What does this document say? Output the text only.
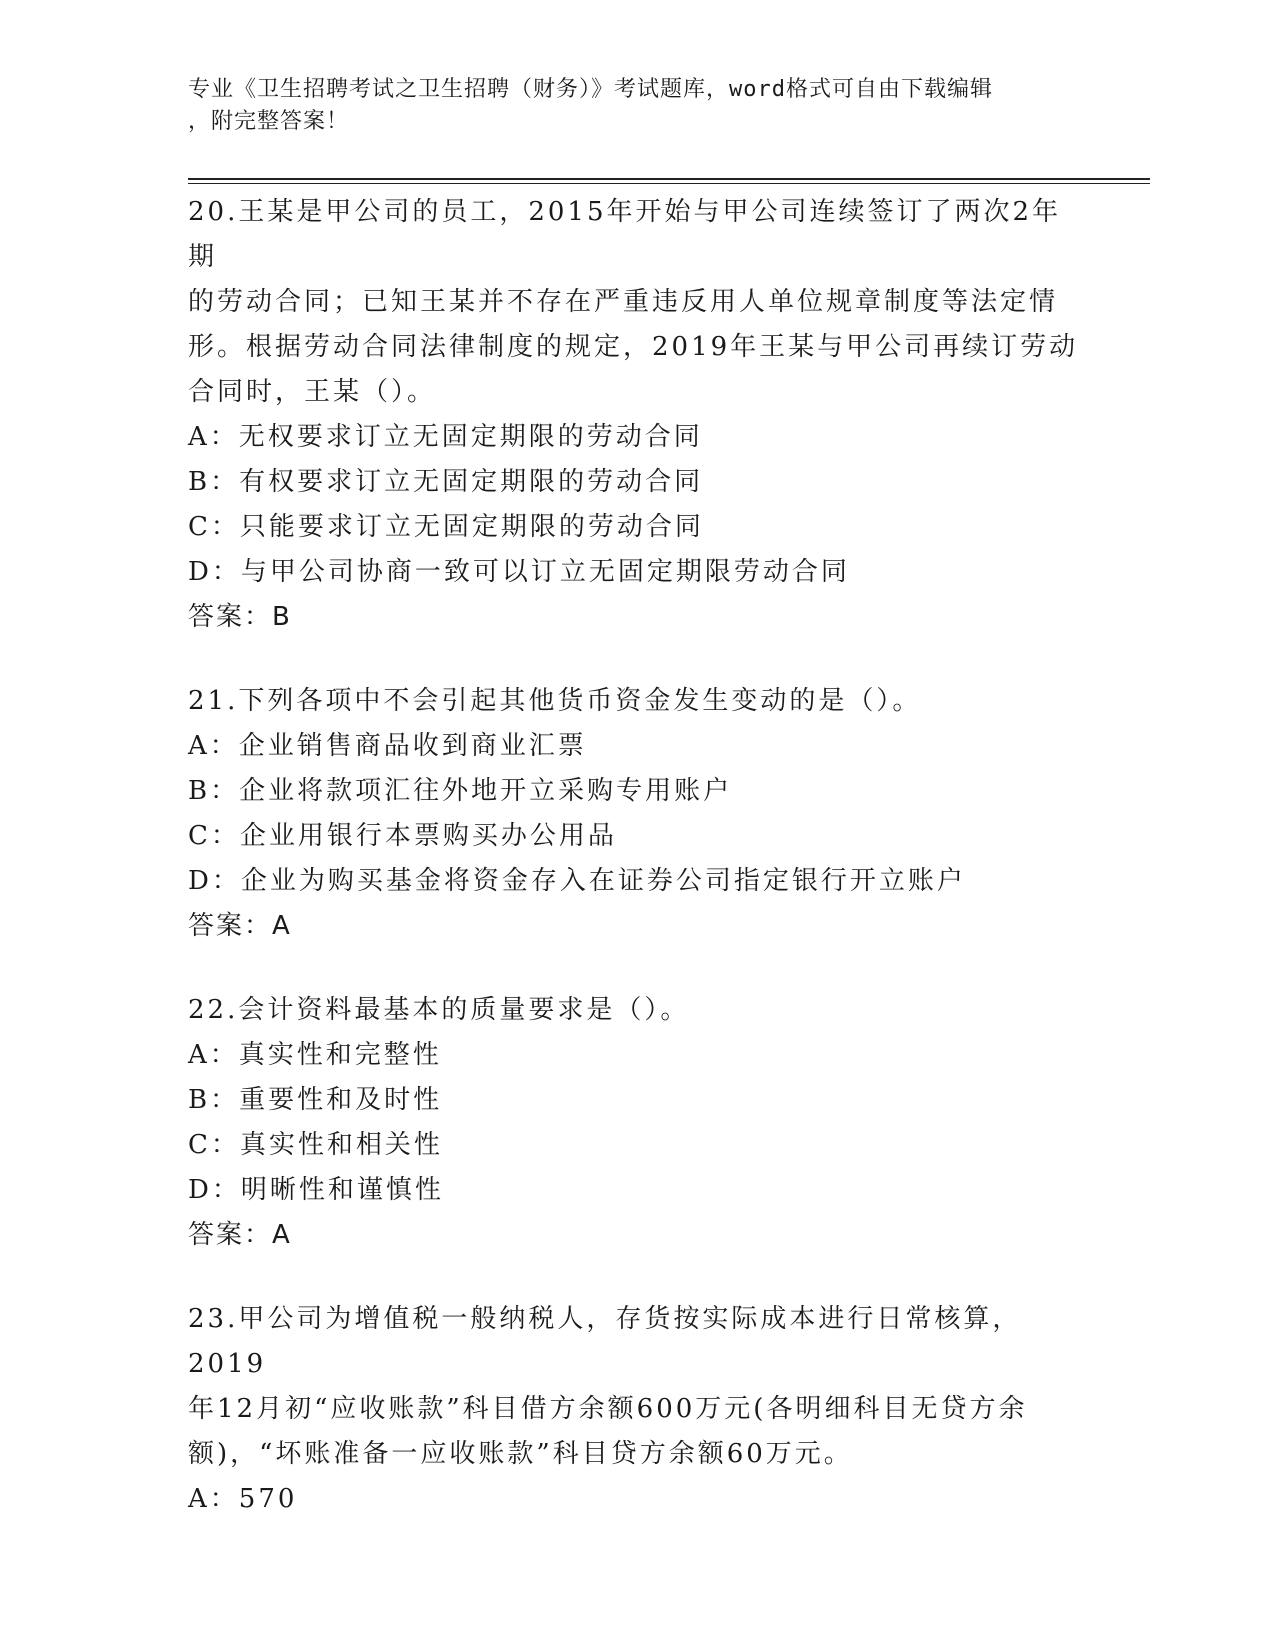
专业《卫生招聘考试之卫生招聘（财务）》考试题库，word格式可自由下载编辑
，附完整答案！
20.王某是甲公司的员工，2015年开始与甲公司连续签订了两次2年期
的劳动合同；已知王某并不存在严重违反用人单位规章制度等法定情
形。根据劳动合同法律制度的规定，2019年王某与甲公司再续订劳动
合同时，王某（）。
A：无权要求订立无固定期限的劳动合同
B：有权要求订立无固定期限的劳动合同
C：只能要求订立无固定期限的劳动合同
D：与甲公司协商一致可以订立无固定期限劳动合同
答案：B
21.下列各项中不会引起其他货币资金发生变动的是（）。
A：企业销售商品收到商业汇票
B：企业将款项汇往外地开立采购专用账户
C：企业用银行本票购买办公用品
D：企业为购买基金将资金存入在证券公司指定银行开立账户
答案：A
22.会计资料最基本的质量要求是（）。
A：真实性和完整性
B：重要性和及时性
C：真实性和相关性
D：明晰性和谨慎性
答案：A
23.甲公司为增值税一般纳税人，存货按实际成本进行日常核算，2019
年12月初“应收账款”科目借方余额600万元(各明细科目无贷方余
额)，“坏账准备一应收账款”科目贷方余额60万元。
A：570
